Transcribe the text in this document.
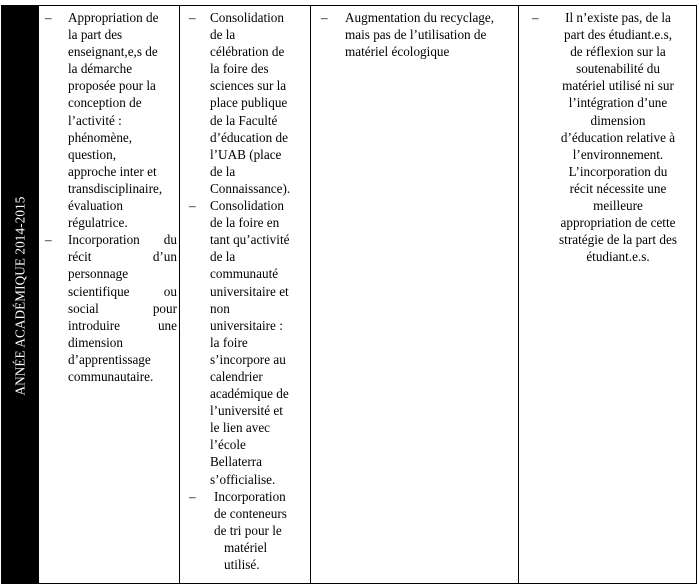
ANNÉE ACADÉMIQUE 2014-2015
– Appropriation de
la part des
enseignant,e,s de
la démarche
proposée pour la
conception de
l’activité :
phénomène,
question,
approche inter et
transdisciplinaire,
évaluation
régulatrice.
– Incorporation du
récit d’un
personnage
scientifique ou
social pour
introduire une
dimension
d’apprentissage
communautaire.
– Consolidation
de la
célébration de
la foire des
sciences sur la
place publique
de la Faculté
d’éducation de
l’UAB (place
de la
Connaissance).
– Consolidation
de la foire en
tant qu’activité
de la
communauté
universitaire et
non
universitaire :
la foire
s’incorpore au
calendrier
académique de
l’université et
le lien avec
l’école
Bellaterra
s’officialise.
– Incorporation
de conteneurs
de tri pour le
matériel
utilisé.
– Augmentation du recyclage,
mais pas de l’utilisation de
matériel écologique
–	Il n’existe pas, de la
part des étudiant.e.s,
de réflexion sur la
soutenabilité du
matériel utilisé ni sur
l’intégration d’une
dimension
d’éducation relative à
l’environnement.
L’incorporation du
récit nécessite une
meilleure
appropriation de cette
stratégie de la part des
étudiant.e.s.
